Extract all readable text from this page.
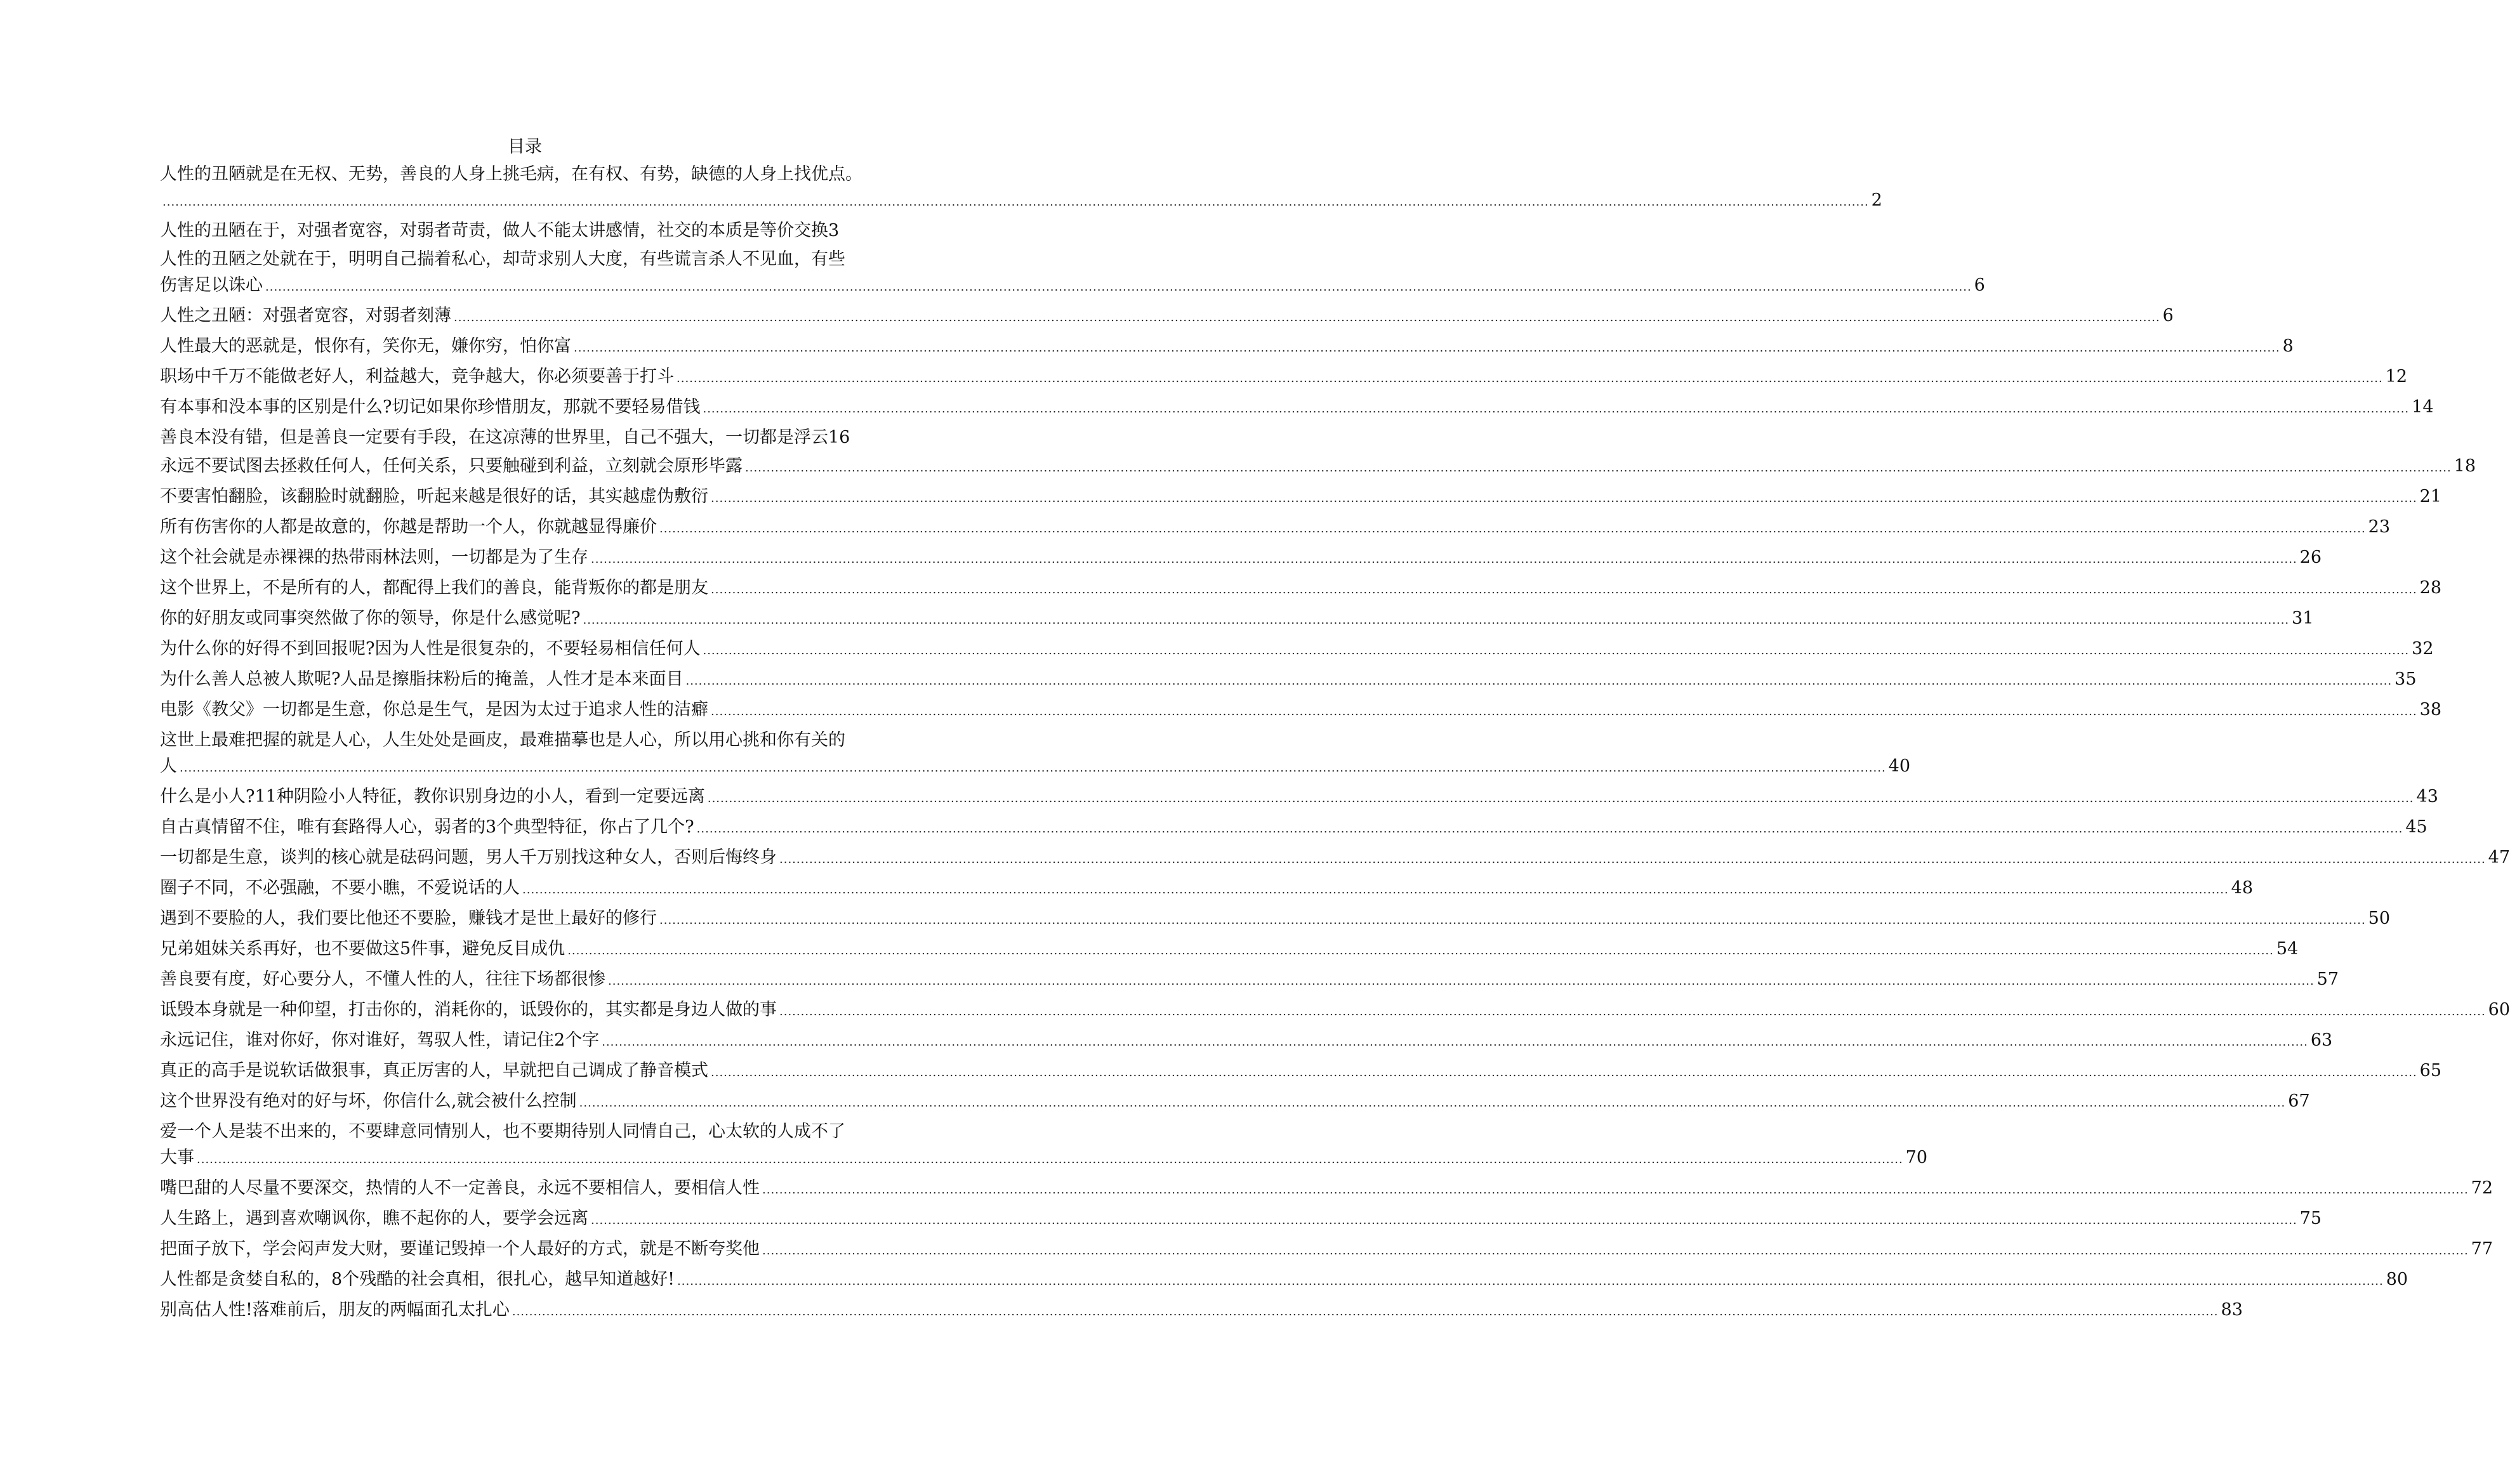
目录
人性的丑陋就是在无权、无势，善良的人身上挑毛病，在有权、有势，缺德的人身上找优点。
................................................................................................................................................................................................................................................................................................................................................................................................................ 2
人性的丑陋在于，对强者宽容，对弱者苛责，做人不能太讲感情，社交的本质是等价交换 3
人性的丑陋之处就在于，明明自己揣着私心，却苛求别人大度，有些谎言杀人不见血，有些
伤害足以诛心 ................................................................................................................................................................................................................................................................................................................................................................................................................ 6
人性之丑陋：对强者宽容，对弱者刻薄 ................................................................................................................................................................................................................................................................................................................................................................................................................ 6
人性最大的恶就是，恨你有，笑你无，嫌你穷，怕你富 ................................................................................................................................................................................................................................................................................................................................................................................................................ 8
职场中千万不能做老好人，利益越大，竞争越大，你必须要善于打斗 ................................................................................................................................................................................................................................................................................................................................................................................................................ 12
有本事和没本事的区别是什么?切记如果你珍惜朋友，那就不要轻易借钱 ................................................................................................................................................................................................................................................................................................................................................................................................................ 14
善良本没有错，但是善良一定要有手段，在这凉薄的世界里，自己不强大，一切都是浮云 16
永远不要试图去拯救任何人，任何关系，只要触碰到利益，立刻就会原形毕露 ................................................................................................................................................................................................................................................................................................................................................................................................................ 18
不要害怕翻脸，该翻脸时就翻脸，听起来越是很好的话，其实越虚伪敷衍 ................................................................................................................................................................................................................................................................................................................................................................................................................ 21
所有伤害你的人都是故意的，你越是帮助一个人，你就越显得廉价 ................................................................................................................................................................................................................................................................................................................................................................................................................ 23
这个社会就是赤裸裸的热带雨林法则，一切都是为了生存 ................................................................................................................................................................................................................................................................................................................................................................................................................ 26
这个世界上，不是所有的人，都配得上我们的善良，能背叛你的都是朋友 ................................................................................................................................................................................................................................................................................................................................................................................................................ 28
你的好朋友或同事突然做了你的领导，你是什么感觉呢? ................................................................................................................................................................................................................................................................................................................................................................................................................ 31
为什么你的好得不到回报呢?因为人性是很复杂的，不要轻易相信任何人 ................................................................................................................................................................................................................................................................................................................................................................................................................ 32
为什么善人总被人欺呢?人品是擦脂抹粉后的掩盖，人性才是本来面目 ................................................................................................................................................................................................................................................................................................................................................................................................................ 35
电影《教父》一切都是生意，你总是生气，是因为太过于追求人性的洁癖 ................................................................................................................................................................................................................................................................................................................................................................................................................ 38
这世上最难把握的就是人心，人生处处是画皮，最难描摹也是人心，所以用心挑和你有关的
人 ................................................................................................................................................................................................................................................................................................................................................................................................................ 40
什么是小人?11种阴险小人特征，教你识别身边的小人，看到一定要远离 ................................................................................................................................................................................................................................................................................................................................................................................................................ 43
自古真情留不住，唯有套路得人心，弱者的3个典型特征，你占了几个? ................................................................................................................................................................................................................................................................................................................................................................................................................ 45
一切都是生意，谈判的核心就是砝码问题，男人千万别找这种女人，否则后悔终身 ................................................................................................................................................................................................................................................................................................................................................................................................................ 47
圈子不同，不必强融，不要小瞧，不爱说话的人 ................................................................................................................................................................................................................................................................................................................................................................................................................ 48
遇到不要脸的人，我们要比他还不要脸，赚钱才是世上最好的修行 ................................................................................................................................................................................................................................................................................................................................................................................................................ 50
兄弟姐妹关系再好，也不要做这5件事，避免反目成仇 ................................................................................................................................................................................................................................................................................................................................................................................................................ 54
善良要有度，好心要分人，不懂人性的人，往往下场都很惨 ................................................................................................................................................................................................................................................................................................................................................................................................................ 57
诋毁本身就是一种仰望，打击你的，消耗你的，诋毁你的，其实都是身边人做的事 ................................................................................................................................................................................................................................................................................................................................................................................................................ 60
永远记住，谁对你好，你对谁好，驾驭人性，请记住2个字 ................................................................................................................................................................................................................................................................................................................................................................................................................ 63
真正的高手是说软话做狠事，真正厉害的人，早就把自己调成了静音模式 ................................................................................................................................................................................................................................................................................................................................................................................................................ 65
这个世界没有绝对的好与坏，你信什么,就会被什么控制 ................................................................................................................................................................................................................................................................................................................................................................................................................ 67
爱一个人是装不出来的，不要肆意同情别人，也不要期待别人同情自己，心太软的人成不了
大事 ................................................................................................................................................................................................................................................................................................................................................................................................................ 70
嘴巴甜的人尽量不要深交，热情的人不一定善良，永远不要相信人，要相信人性 ................................................................................................................................................................................................................................................................................................................................................................................................................ 72
人生路上，遇到喜欢嘲讽你，瞧不起你的人，要学会远离 ................................................................................................................................................................................................................................................................................................................................................................................................................ 75
把面子放下，学会闷声发大财，要谨记毁掉一个人最好的方式，就是不断夸奖他 ................................................................................................................................................................................................................................................................................................................................................................................................................ 77
人性都是贪婪自私的，8个残酷的社会真相，很扎心，越早知道越好! ................................................................................................................................................................................................................................................................................................................................................................................................................ 80
别高估人性!落难前后，朋友的两幅面孔太扎心 ................................................................................................................................................................................................................................................................................................................................................................................................................ 83
